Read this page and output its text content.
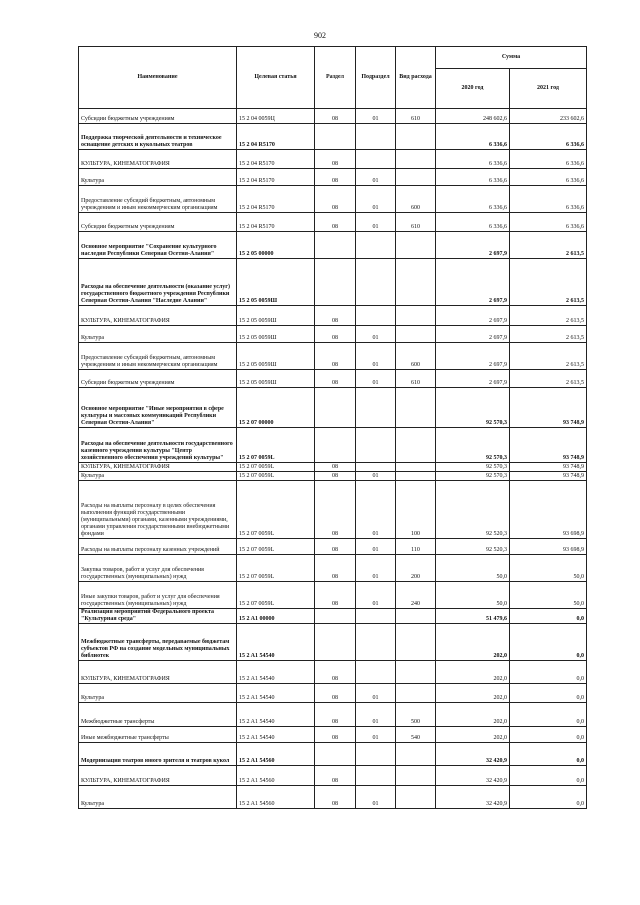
902
Наименование	Целевая статья	Раздел	Подраздел	Вид расхода	Сумма	
					2020 год	2021 год
Субсидии бюджетным учреждениям	15 2 04 0059Ц	08	01	610	248 602,6	233 602,6
Поддержка творческой деятельности и техническое оснащение детских и кукольных театров	15 2 04 R5170				6 336,6	6 336,6
КУЛЬТУРА, КИНЕМАТОГРАФИЯ	15 2 04 R5170	08			6 336,6	6 336,6
Культура	15 2 04 R5170	08	01		6 336,6	6 336,6
Предоставление субсидий бюджетным, автономным учреждениям и иным некоммерческим организациям	15 2 04 R5170	08	01	600	6 336,6	6 336,6
Субсидии бюджетным учреждениям	15 2 04 R5170	08	01	610	6 336,6	6 336,6
Основное мероприятие "Сохранение культурного наследия Республики Северная Осетия-Алания"	15 2 05 00000				2 697,9	2 613,5
Расходы на обеспечение деятельности (оказание услуг) государственного бюджетного учреждения Республики Северная Осетия-Алания "Наследие Алании"	15 2 05 0059Ш				2 697,9	2 613,5
КУЛЬТУРА, КИНЕМАТОГРАФИЯ	15 2 05 0059Ш	08			2 697,9	2 613,5
Культура	15 2 05 0059Ш	08	01		2 697,9	2 613,5
Предоставление субсидий бюджетным, автономным учреждениям и иным некоммерческим организациям	15 2 05 0059Ш	08	01	600	2 697,9	2 613,5
Субсидии бюджетным учреждениям	15 2 05 0059Ш	08	01	610	2 697,9	2 613,5
Основное мероприятие "Иные мероприятия в сфере культуры и массовых коммуникаций Республики Северная Осетия-Алания"	15 2 07 00000				92 570,3	93 748,9
Расходы на обеспечение деятельности государственного казенного учреждения культуры "Центр хозяйственного обеспечения учреждений культуры"	15 2 07 0059L				92 570,3	93 748,9
КУЛЬТУРА, КИНЕМАТОГРАФИЯ	15 2 07 0059L	08			92 570,3	93 748,9
Культура	15 2 07 0059L	08	01		92 570,3	93 748,9
Расходы на выплаты персоналу в целях обеспечения выполнения функций государственными (муниципальными) органами, казенными учреждениями, органами управления государственными внебюджетными фондами	15 2 07 0059L	08	01	100	92 520,3	93 698,9
Расходы на выплаты персоналу казенных учреждений	15 2 07 0059L	08	01	110	92 520,3	93 698,9
Закупка товаров, работ и услуг для обеспечения государственных (муниципальных) нужд	15 2 07 0059L	08	01	200	50,0	50,0
Иные закупки товаров, работ и услуг для обеспечения государственных (муниципальных) нужд	15 2 07 0059L	08	01	240	50,0	50,0
Реализация мероприятий Федерального проекта "Культурная среда"	15 2 A1 00000				51 479,6	0,0
Межбюджетные трансферты, передаваемые бюджетам субъектов РФ на создание модельных муниципальных библиотек	15 2 A1 54540				202,0	0,0
КУЛЬТУРА, КИНЕМАТОГРАФИЯ	15 2 A1 54540	08			202,0	0,0
Культура	15 2 A1 54540	08	01		202,0	0,0
Межбюджетные трансферты	15 2 A1 54540	08	01	500	202,0	0,0
Иные межбюджетные трансферты	15 2 A1 54540	08	01	540	202,0	0,0
Модернизация театров юного зрителя и театров кукол	15 2 A1 54560				32 420,9	0,0
КУЛЬТУРА, КИНЕМАТОГРАФИЯ	15 2 A1 54560	08			32 420,9	0,0
Культура	15 2 A1 54560	08	01		32 420,9	0,0
